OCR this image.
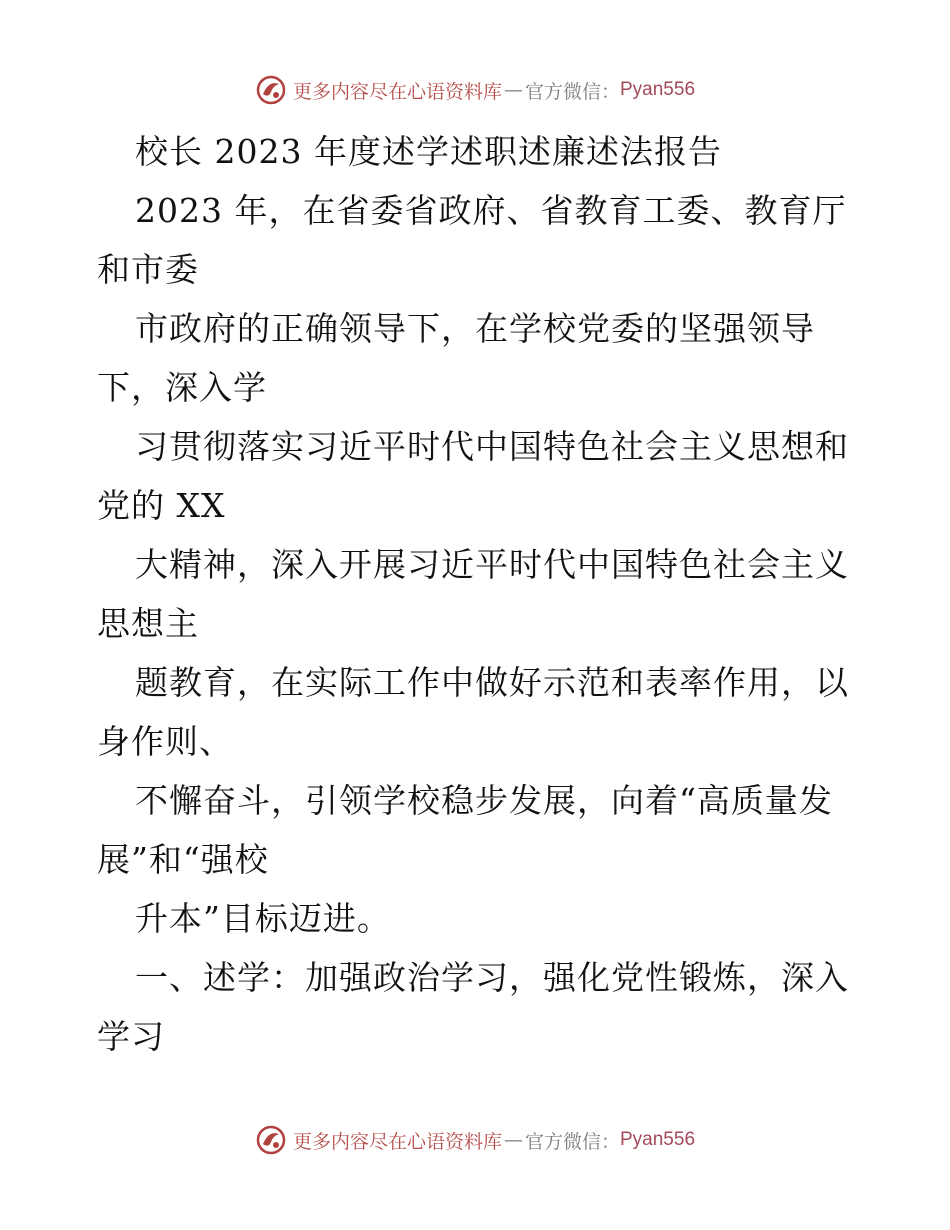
更多内容尽在心语资料库 — 官方微信： Pyan556
校长 2023 年度述学述职述廉述法报告
2023 年，在省委省政府、省教育工委、教育厅
和市委
市政府的正确领导下，在学校党委的坚强领导
下，深入学
习贯彻落实习近平时代中国特色社会主义思想和
党的 XX
大精神，深入开展习近平时代中国特色社会主义
思想主
题教育，在实际工作中做好示范和表率作用，以
身作则、
不懈奋斗，引领学校稳步发展，向着“高质量发
展”和“强校
升本”目标迈进。
一、述学：加强政治学习，强化党性锻炼，深入
学习
更多内容尽在心语资料库 — 官方微信： Pyan556
